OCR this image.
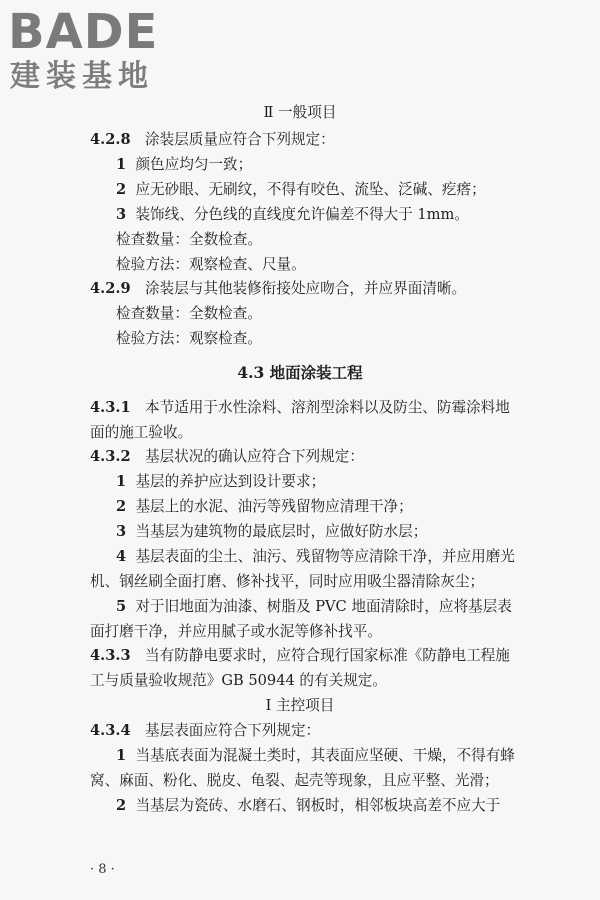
BADE
建装基地
Ⅱ 一般项目
4.2.8 涂装层质量应符合下列规定：
1 颜色应均匀一致；
2 应无砂眼、无刷纹，不得有咬色、流坠、泛碱、疙瘩；
3 装饰线、分色线的直线度允许偏差不得大于 1mm。
检查数量：全数检查。
检验方法：观察检查、尺量。
4.2.9 涂装层与其他装修衔接处应吻合，并应界面清晰。
检查数量：全数检查。
检验方法：观察检查。
4.3 地面涂装工程
4.3.1 本节适用于水性涂料、溶剂型涂料以及防尘、防霉涂料地
面的施工验收。
4.3.2 基层状况的确认应符合下列规定：
1 基层的养护应达到设计要求；
2 基层上的水泥、油污等残留物应清理干净；
3 当基层为建筑物的最底层时，应做好防水层；
4 基层表面的尘土、油污、残留物等应清除干净，并应用磨光
机、钢丝刷全面打磨、修补找平，同时应用吸尘器清除灰尘；
5 对于旧地面为油漆、树脂及 PVC 地面清除时，应将基层表
面打磨干净，并应用腻子或水泥等修补找平。
4.3.3 当有防静电要求时，应符合现行国家标准《防静电工程施
工与质量验收规范》GB 50944 的有关规定。
Ⅰ 主控项目
4.3.4 基层表面应符合下列规定：
1 当基底表面为混凝土类时，其表面应坚硬、干燥，不得有蜂
窝、麻面、粉化、脱皮、龟裂、起壳等现象，且应平整、光滑；
2 当基层为瓷砖、水磨石、钢板时，相邻板块高差不应大于
· 8 ·
